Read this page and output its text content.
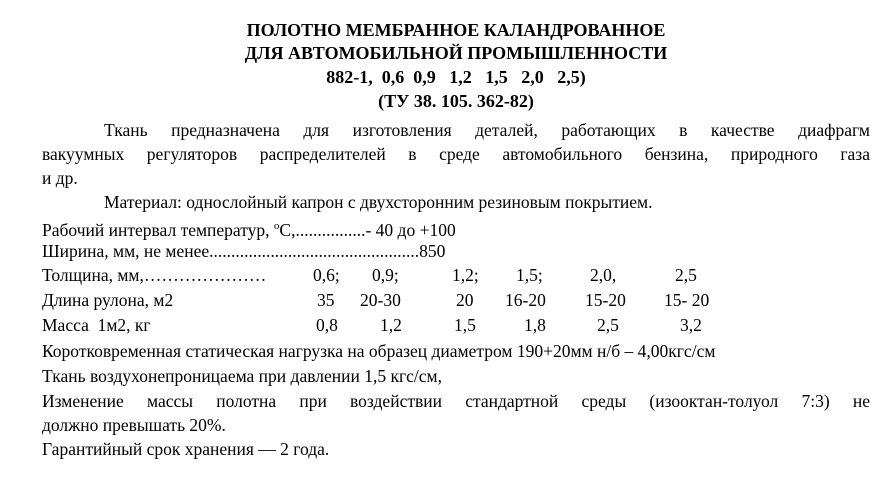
ПОЛОТНО МЕМБРАННОЕ КАЛАНДРОВАННОЕ
ДЛЯ АВТОМОБИЛЬНОЙ ПРОМЫШЛЕННОСТИ
882-1,  0,6  0,9   1,2   1,5   2,0   2,5)
(ТУ 38. 105. 362-82)
Ткань предназначена для изготовления деталей, работающих в качестве диафрагм
вакуумных регуляторов распределителей в среде автомобильного бензина, природного газа
и др.
Материал: однослойный капрон с двухсторонним резиновым покрытием.
Рабочий интервал температур, $^о$С,................- 40 до +100
Ширина, мм, не менее................................................850
Толщина, мм,…………………	0,6; 0,9;	1,2; 1,5;	2,0,	2,5
Длина рулона, м2	35 20-30	20 16-20 15-20 15- 20
Масса  1м2, кг	0,8 1,2	1,5	1,8	2,5	3,2
Коротковременная статическая нагрузка на образец диаметром 190+20мм н/б – 4,00кгс/см
Ткань воздухонепроницаема при давлении 1,5 кгс/см,
Изменение массы полотна при воздействии стандартной среды (изооктан-толуол 7:3) не
должно превышать 20%.
Гарантийный срок хранения — 2 года.
